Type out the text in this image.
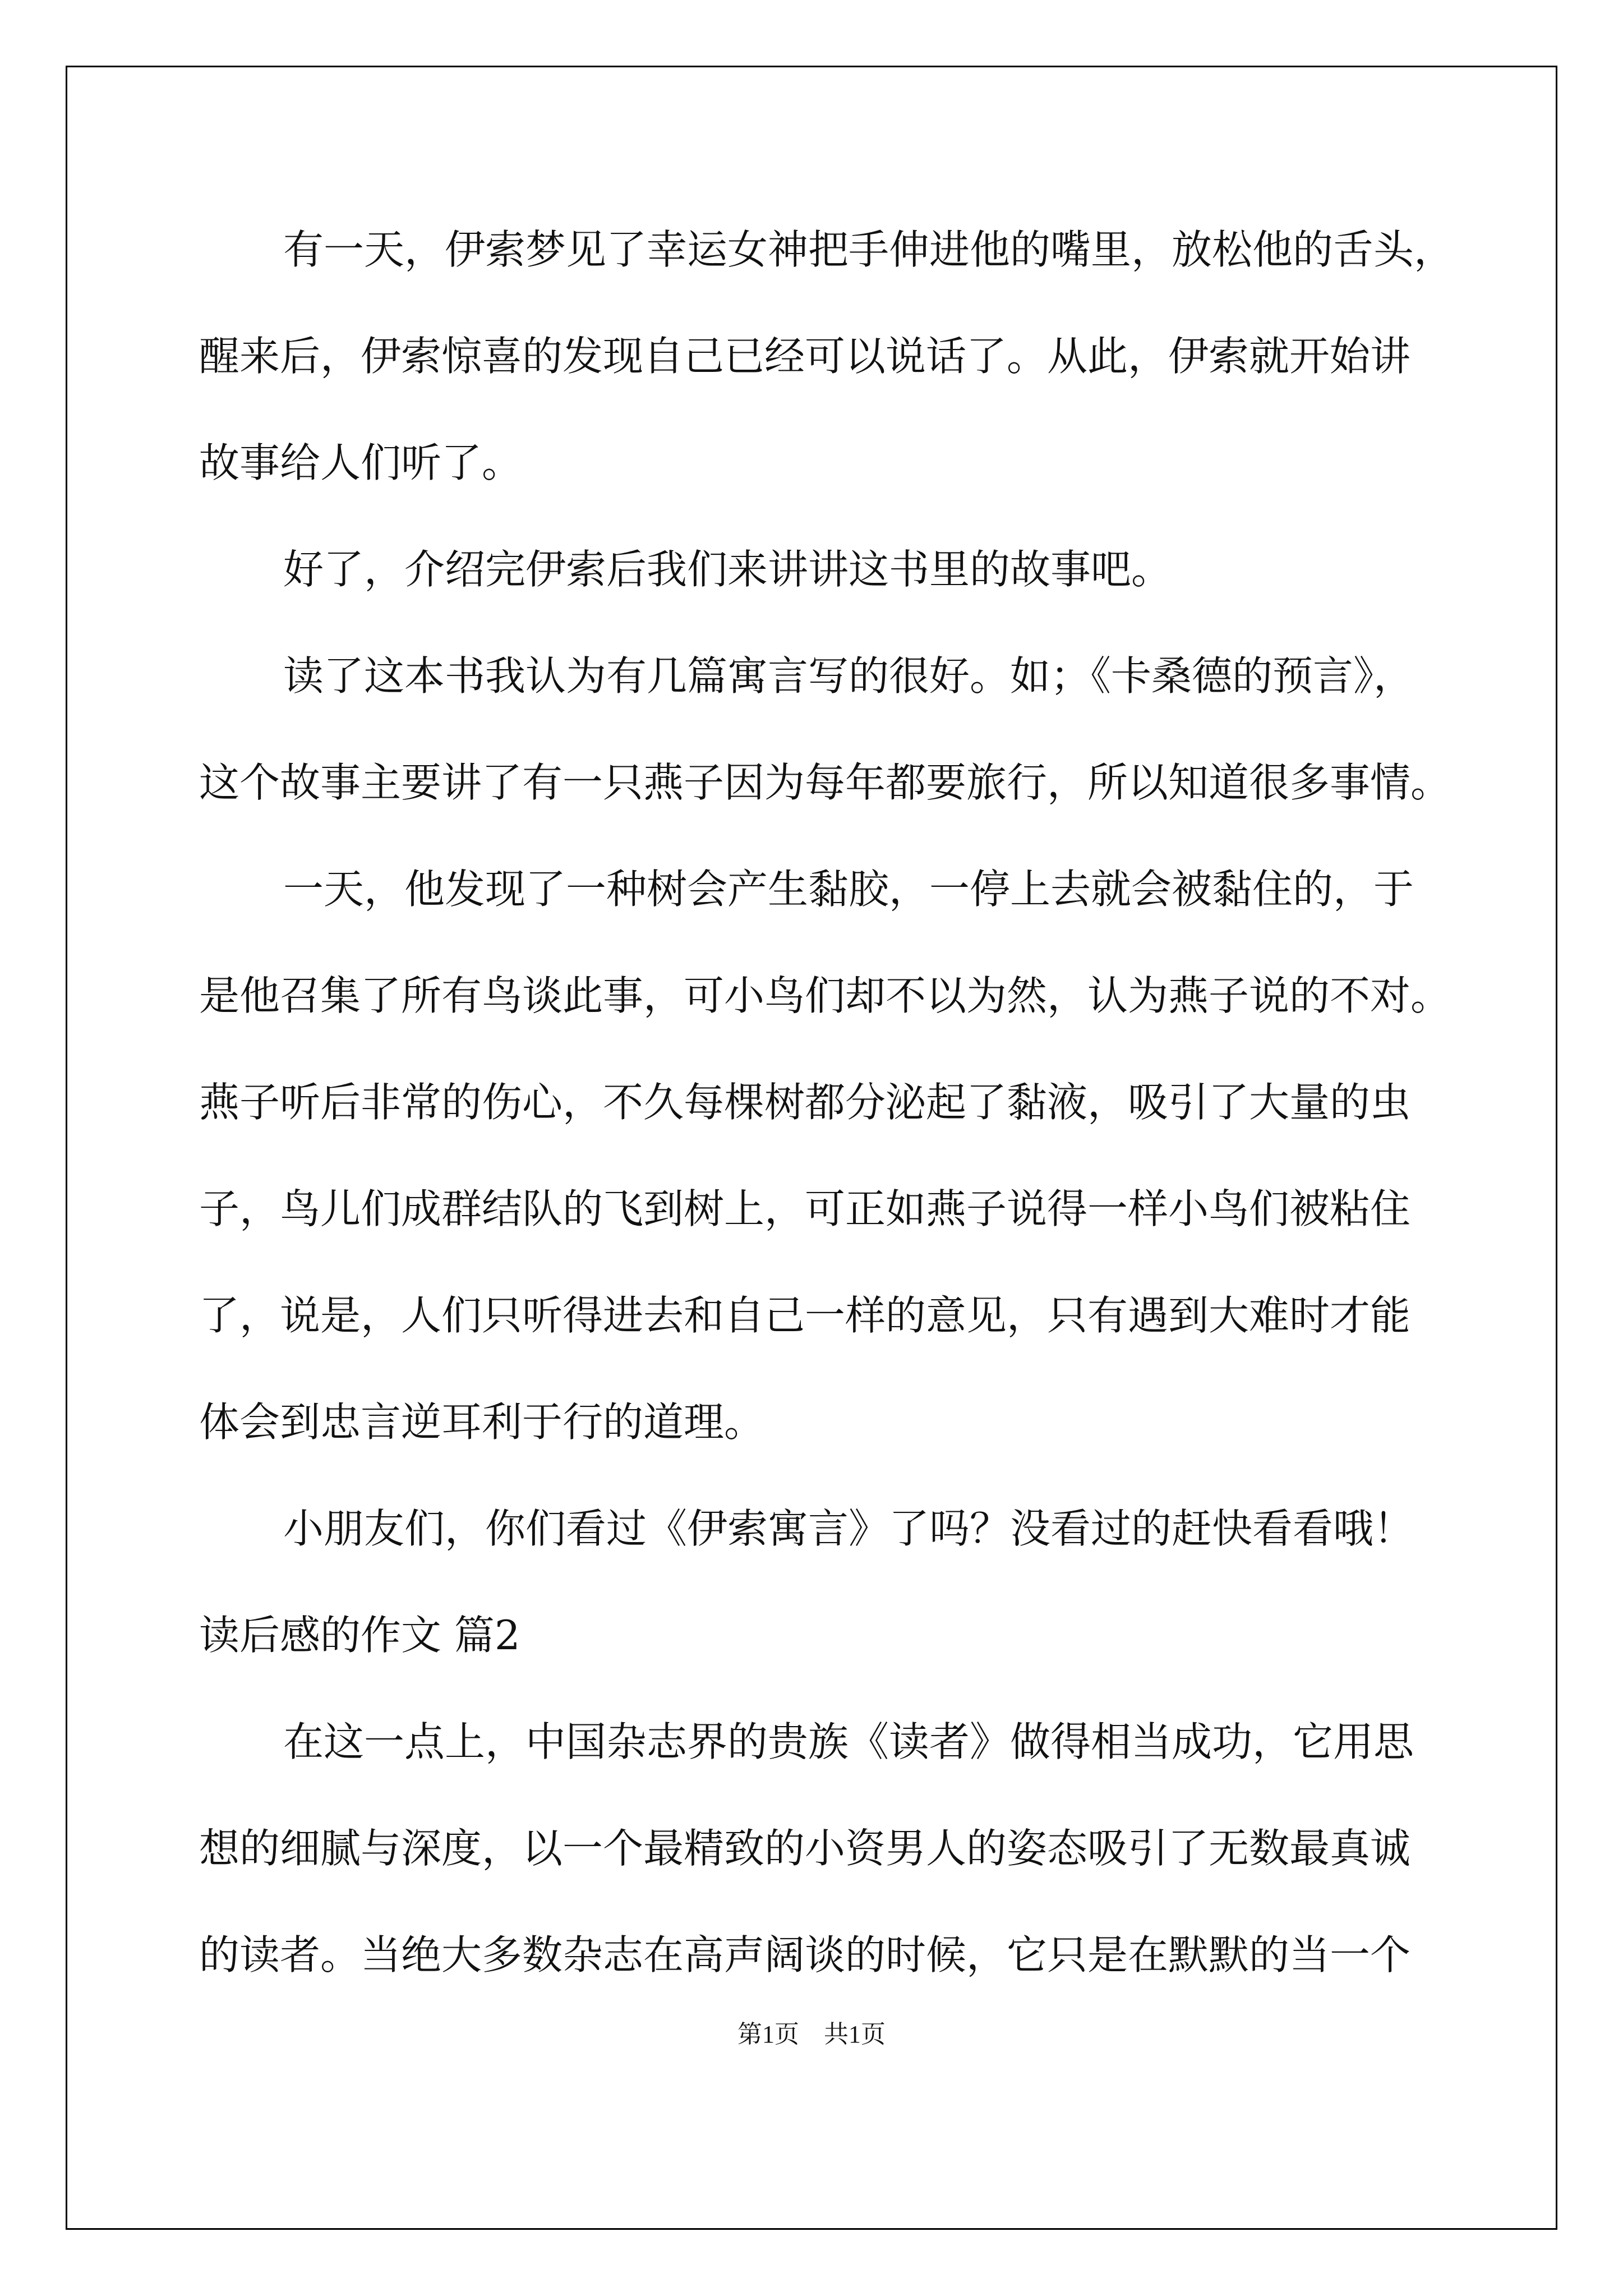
有一天，伊索梦见了幸运女神把手伸进他的嘴里，放松他的舌头，
醒来后，伊索惊喜的发现自己已经可以说话了。从此，伊索就开始讲
故事给人们听了。
好了，介绍完伊索后我们来讲讲这书里的故事吧。
读了这本书我认为有几篇寓言写的很好。如；《卡桑德的预言》，
这个故事主要讲了有一只燕子因为每年都要旅行，所以知道很多事情。
一天，他发现了一种树会产生黏胶，一停上去就会被黏住的，于
是他召集了所有鸟谈此事，可小鸟们却不以为然，认为燕子说的不对。
燕子听后非常的伤心，不久每棵树都分泌起了黏液，吸引了大量的虫
子，鸟儿们成群结队的飞到树上，可正如燕子说得一样小鸟们被粘住
了，说是，人们只听得进去和自己一样的意见，只有遇到大难时才能
体会到忠言逆耳利于行的道理。
小朋友们，你们看过《伊索寓言》了吗？没看过的赶快看看哦！
读后感的作文 篇2
在这一点上，中国杂志界的贵族《读者》做得相当成功，它用思
想的细腻与深度，以一个最精致的小资男人的姿态吸引了无数最真诚
的读者。当绝大多数杂志在高声阔谈的时候，它只是在默默的当一个
第1页　共1页
